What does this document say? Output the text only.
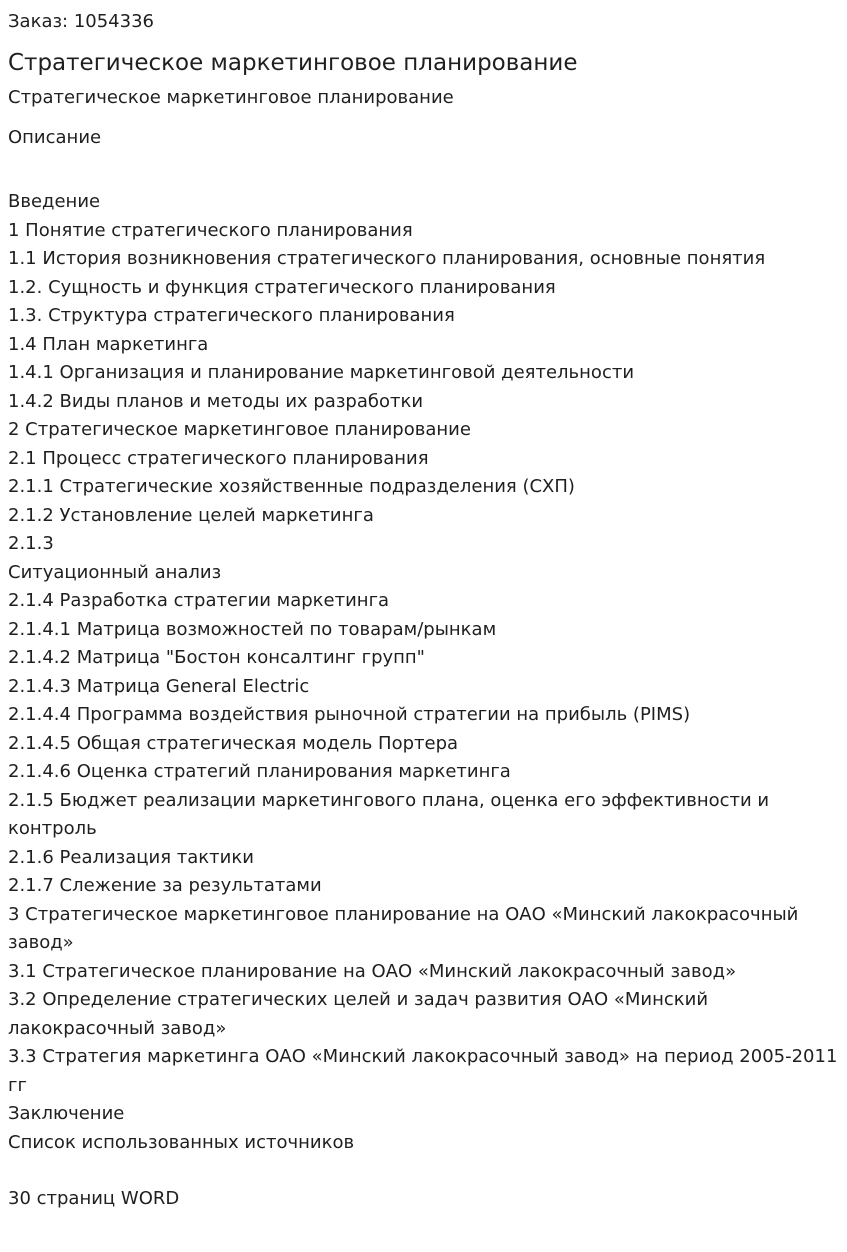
Заказ: 1054336
Стратегическое маркетинговое планирование
Стратегическое маркетинговое планирование
Описание
Введение
1 Понятие стратегического планирования
1.1 История возникновения стратегического планирования, основные понятия
1.2. Сущность и функция стратегического планирования
1.3. Структура стратегического планирования
1.4 План маркетинга
1.4.1 Организация и планирование маркетинговой деятельности
1.4.2 Виды планов и методы их разработки
2 Стратегическое маркетинговое планирование
2.1 Процесс стратегического планирования
2.1.1 Стратегические хозяйственные подразделения (СХП)
2.1.2 Установление целей маркетинга
2.1.3
Ситуационный анализ
2.1.4 Разработка стратегии маркетинга
2.1.4.1 Матрица возможностей по товарам/рынкам
2.1.4.2 Матрица "Бостон консалтинг групп"
2.1.4.3 Матрица General Electric
2.1.4.4 Программа воздействия рыночной стратегии на прибыль (PIMS)
2.1.4.5 Общая стратегическая модель Портера
2.1.4.6 Оценка стратегий планирования маркетинга
2.1.5 Бюджет реализации маркетингового плана, оценка его эффективности и контроль
2.1.6 Реализация тактики
2.1.7 Слежение за результатами
3 Стратегическое маркетинговое планирование на ОАО «Минский лакокрасочный завод»
3.1 Стратегическое планирование на ОАО «Минский лакокрасочный завод»
3.2 Определение стратегических целей и задач развития ОАО «Минский лакокрасочный завод»
3.3 Стратегия маркетинга ОАО «Минский лакокрасочный завод» на период 2005-2011 гг
Заключение
Список использованных источников
30 страниц WORD
